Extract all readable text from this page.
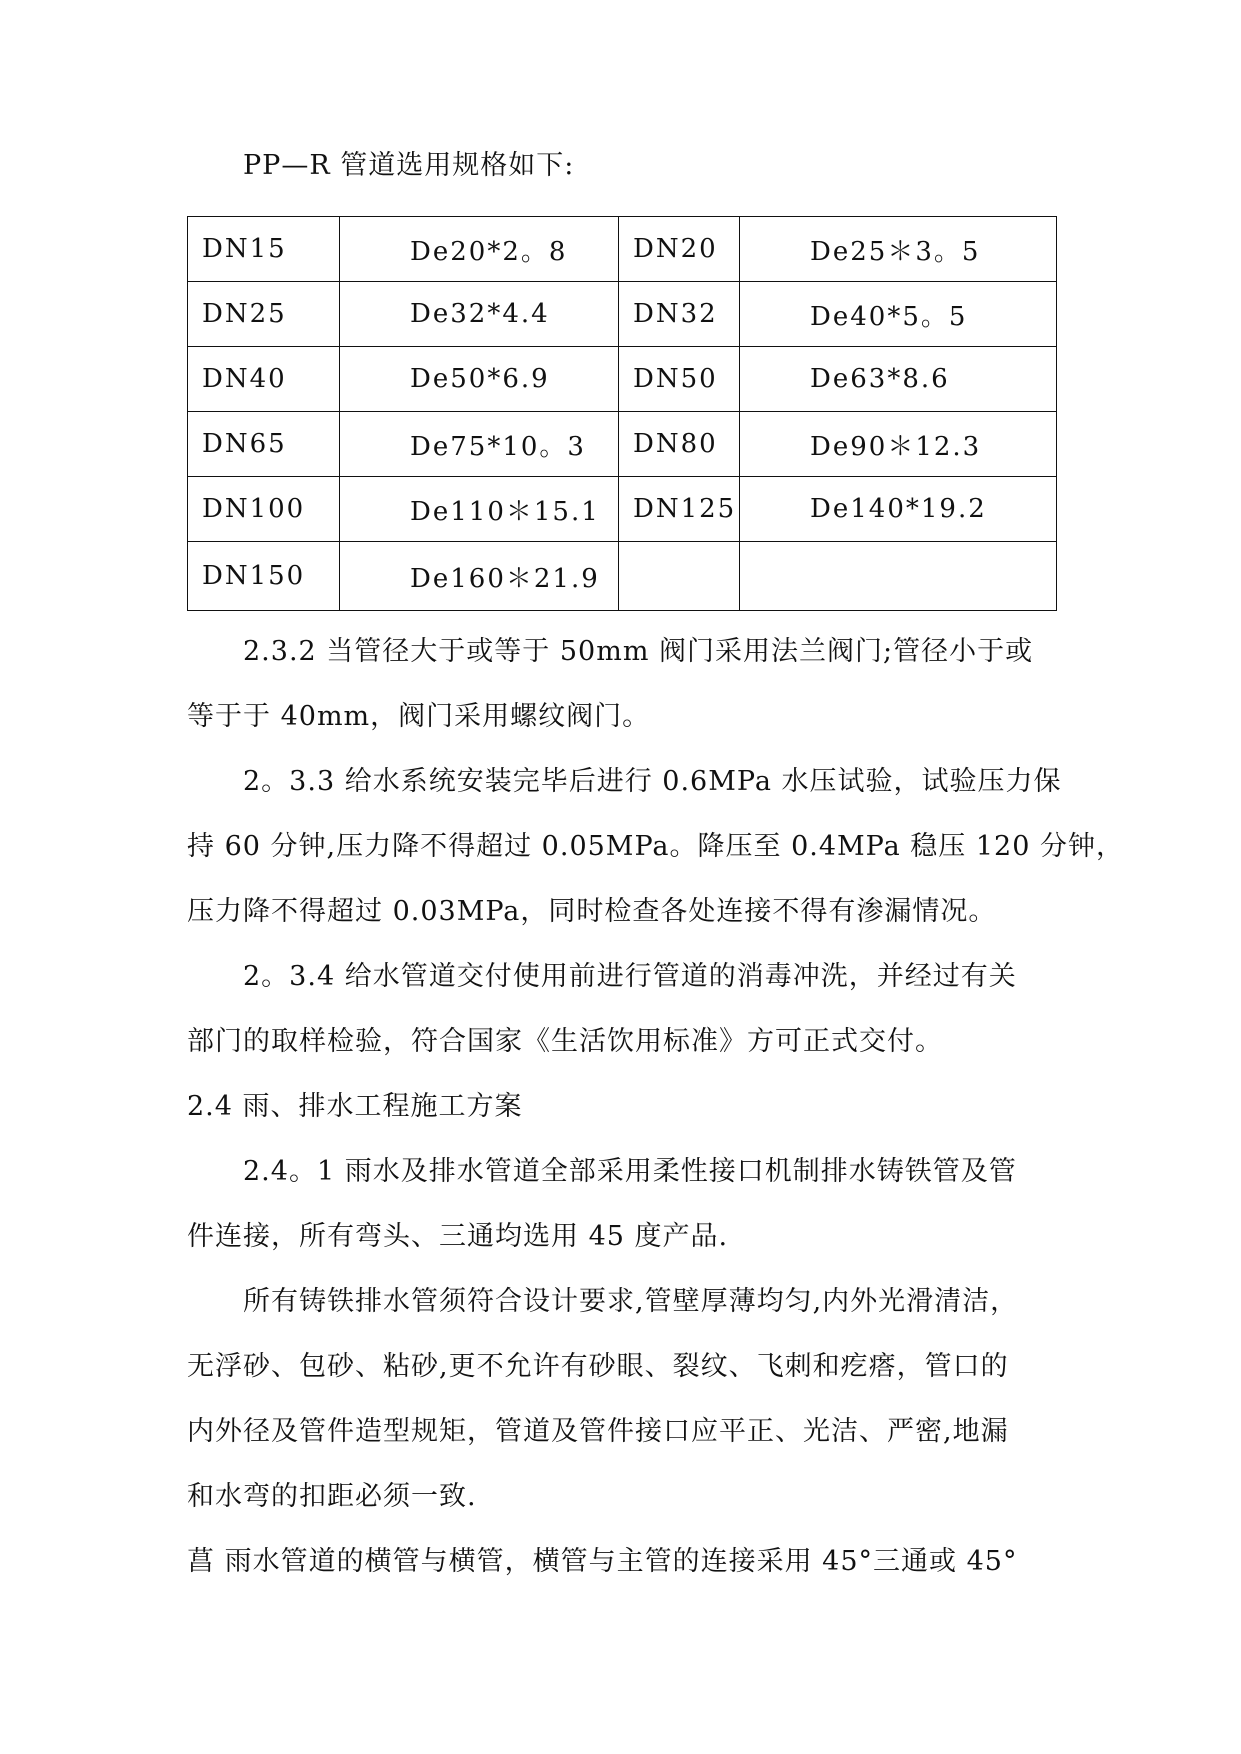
PP—R 管道选用规格如下:
DN15	De20*2。8	DN20	De25＊3。5
DN25	De32*4.4	DN32	De40*5。5
DN40	De50*6.9	DN50	De63*8.6
DN65	De75*10。3	DN80	De90＊12.3
DN100	De110＊15.1	DN125	De140*19.2
DN150	De160＊21.9		
2.3.2 当管径大于或等于 50mm 阀门采用法兰阀门;管径小于或
等于于 40mm，阀门采用螺纹阀门。
2。3.3 给水系统安装完毕后进行 0.6MPa 水压试验，试验压力保
持 60 分钟,压力降不得超过 0.05MPa。降压至 0.4MPa 稳压 120 分钟，
压力降不得超过 0.03MPa，同时检查各处连接不得有渗漏情况。
2。3.4 给水管道交付使用前进行管道的消毒冲洗，并经过有关
部门的取样检验，符合国家《生活饮用标准》方可正式交付。
2.4 雨、排水工程施工方案
2.4。1 雨水及排水管道全部采用柔性接口机制排水铸铁管及管
件连接，所有弯头、三通均选用 45 度产品.
所有铸铁排水管须符合设计要求,管壁厚薄均匀,内外光滑清洁，
无浮砂、包砂、粘砂,更不允许有砂眼、裂纹、飞刺和疙瘩，管口的
内外径及管件造型规矩，管道及管件接口应平正、光洁、严密,地漏
和水弯的扣距必须一致.
菖 雨水管道的横管与横管，横管与主管的连接采用 45°三通或 45°
